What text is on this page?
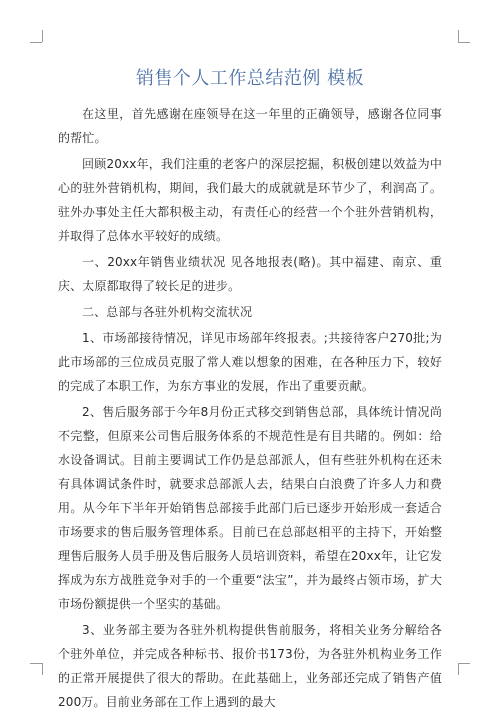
销售个人工作总结范例 模板

在这里，首先感谢在座领导在这一年里的正确领导，感谢各位同事的帮忙。

回顾20xx年，我们注重的老客户的深层挖掘，积极创建以效益为中心的驻外营销机构，期间，我们最大的成就就是环节少了，利润高了。驻外办事处主任大都积极主动，有责任心的经营一个个驻外营销机构，并取得了总体水平较好的成绩。

一、20xx年销售业绩状况 见各地报表(略)。其中福建、南京、重庆、太原都取得了较长足的进步。

二、总部与各驻外机构交流状况

1、市场部接待情况，详见市场部年终报表。;共接待客户270批;为此市场部的三位成员克服了常人难以想象的困难，在各种压力下，较好的完成了本职工作，为东方事业的发展，作出了重要贡献。

2、售后服务部于今年8月份正式移交到销售总部，具体统计情况尚不完整，但原来公司售后服务体系的不规范性是有目共睹的。例如：给水设备调试。目前主要调试工作仍是总部派人，但有些驻外机构在还未有具体调试条件时，就要求总部派人去，结果白白浪费了许多人力和费用。从今年下半年开始销售总部接手此部门后已逐步开始形成一套适合市场要求的售后服务管理体系。目前已在总部赵相平的主持下，开始整理售后服务人员手册及售后服务人员培训资料，希望在20xx年，让它发挥成为东方战胜竞争对手的一个重要“法宝”，并为最终占领市场，扩大市场份额提供一个坚实的基础。

3、业务部主要为各驻外机构提供售前服务，将相关业务分解给各个驻外单位，并完成各种标书、报价书173份，为各驻外机构业务工作的正常开展提供了很大的帮助。在此基础上，业务部还完成了销售产值200万。目前业务部在工作上遇到的最大
